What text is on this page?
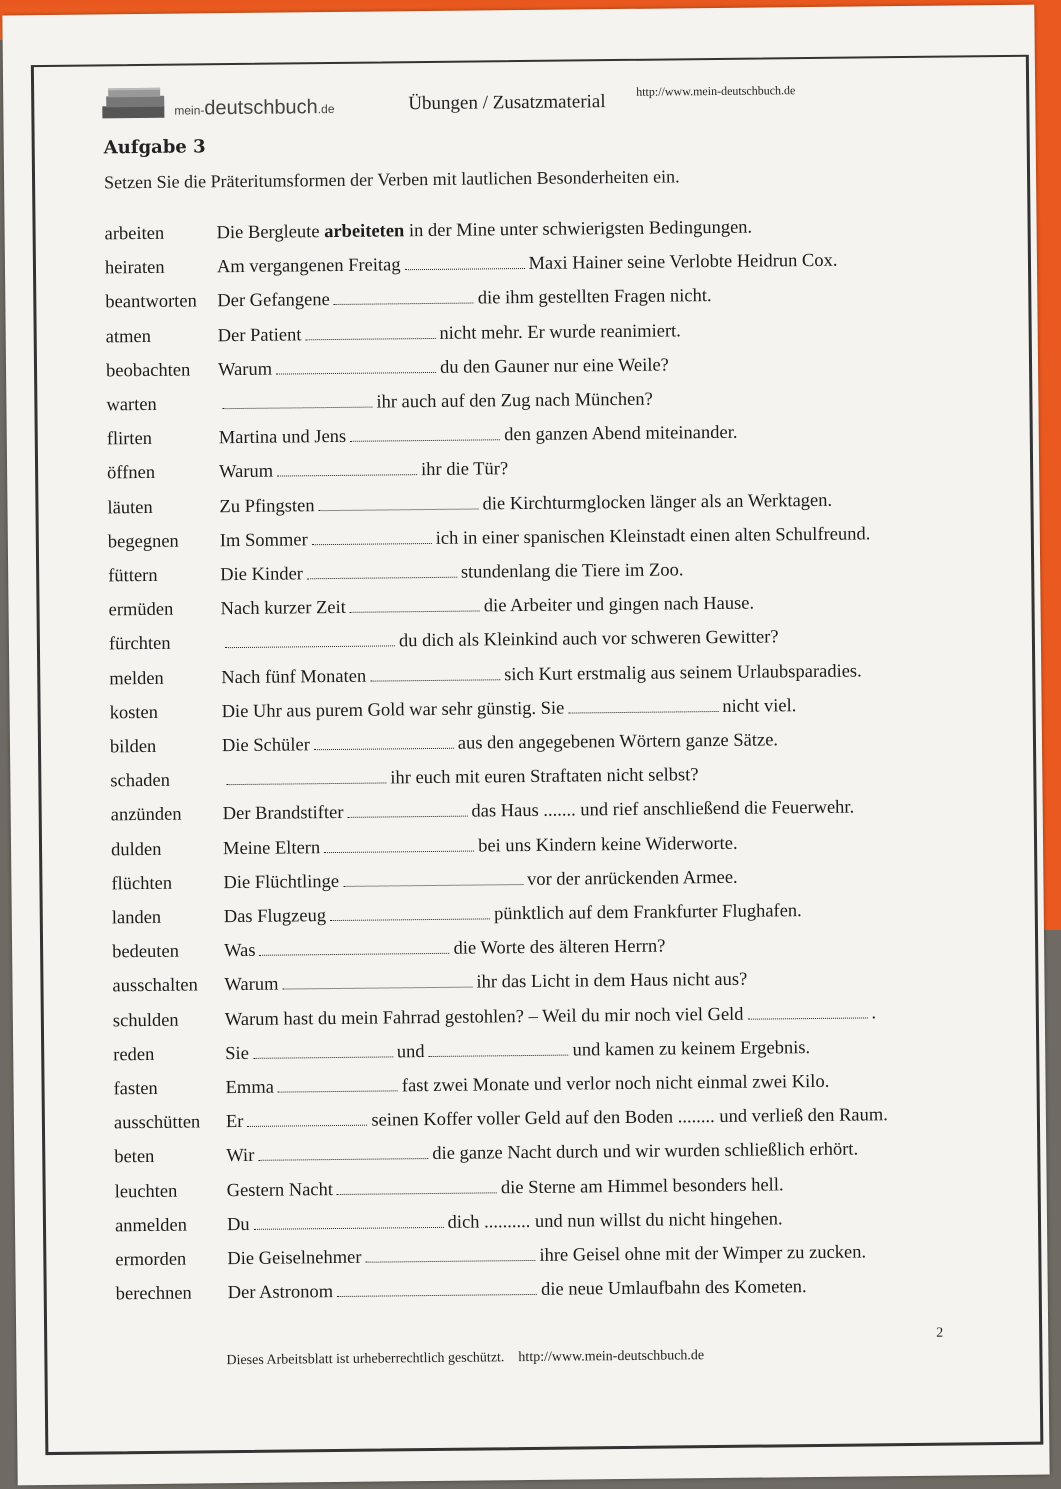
mein-deutschbuch.de	Übungen / Zusatzmaterial
http://www.mein-deutschbuch.de
Aufgabe 3
Setzen Sie die Präteritumsformen der Verben mit lautlichen Besonderheiten ein.
arbeiten	Die Bergleute arbeiteten in der Mine unter schwierigsten Bedingungen.
heiraten	Am vergangenen Freitag	Maxi Hainer seine Verlobte Heidrun Cox.
beantworten Der Gefangene	die ihm gestellten Fragen nicht.
atmen	Der Patient	nicht mehr. Er wurde reanimiert.
beobachten Warum	du den Gauner nur eine Weile?
warten	ihr auch auf den Zug nach München?
flirten	Martina und Jens	den ganzen Abend miteinander.
öffnen	Warum	ihr die Tür?
läuten	Zu Pfingsten	die Kirchturmglocken länger als an Werktagen.
begegnen Im Sommer	ich in einer spanischen Kleinstadt einen alten Schulfreund.
füttern	Die Kinder	stundenlang die Tiere im Zoo.
ermüden	Nach kurzer Zeit	die Arbeiter und gingen nach Hause.
fürchten	du dich als Kleinkind auch vor schweren Gewitter?
melden	Nach fünf Monaten	sich Kurt erstmalig aus seinem Urlaubsparadies.
kosten	Die Uhr aus purem Gold war sehr günstig. Sie	nicht viel.
bilden	Die Schüler	aus den angegebenen Wörtern ganze Sätze.
schaden	ihr euch mit euren Straftaten nicht selbst?
anzünden Der Brandstifter	das Haus ....... und rief anschließend die Feuerwehr.
dulden	Meine Eltern	bei uns Kindern keine Widerworte.
flüchten	Die Flüchtlinge	vor der anrückenden Armee.
landen	Das Flugzeug	pünktlich auf dem Frankfurter Flughafen.
bedeuten Was	die Worte des älteren Herrn?
ausschalten Warum	ihr das Licht in dem Haus nicht aus?
schulden Warum hast du mein Fahrrad gestohlen? – Weil du mir noch viel Geld	.
reden	Sie	und	und kamen zu keinem Ergebnis.
fasten	Emma	fast zwei Monate und verlor noch nicht einmal zwei Kilo.
ausschütten Er	seinen Koffer voller Geld auf den Boden ........ und verließ den Raum.
beten	Wir	die ganze Nacht durch und wir wurden schließlich erhört.
leuchten	Gestern Nacht	die Sterne am Himmel besonders hell.
anmelden Du	dich .......... und nun willst du nicht hingehen.
ermorden Die Geiselnehmer	ihre Geisel ohne mit der Wimper zu zucken.
berechnen Der Astronom	die neue Umlaufbahn des Kometen.
2
Dieses Arbeitsblatt ist urheberrechtlich geschützt. http://www.mein-deutschbuch.de
